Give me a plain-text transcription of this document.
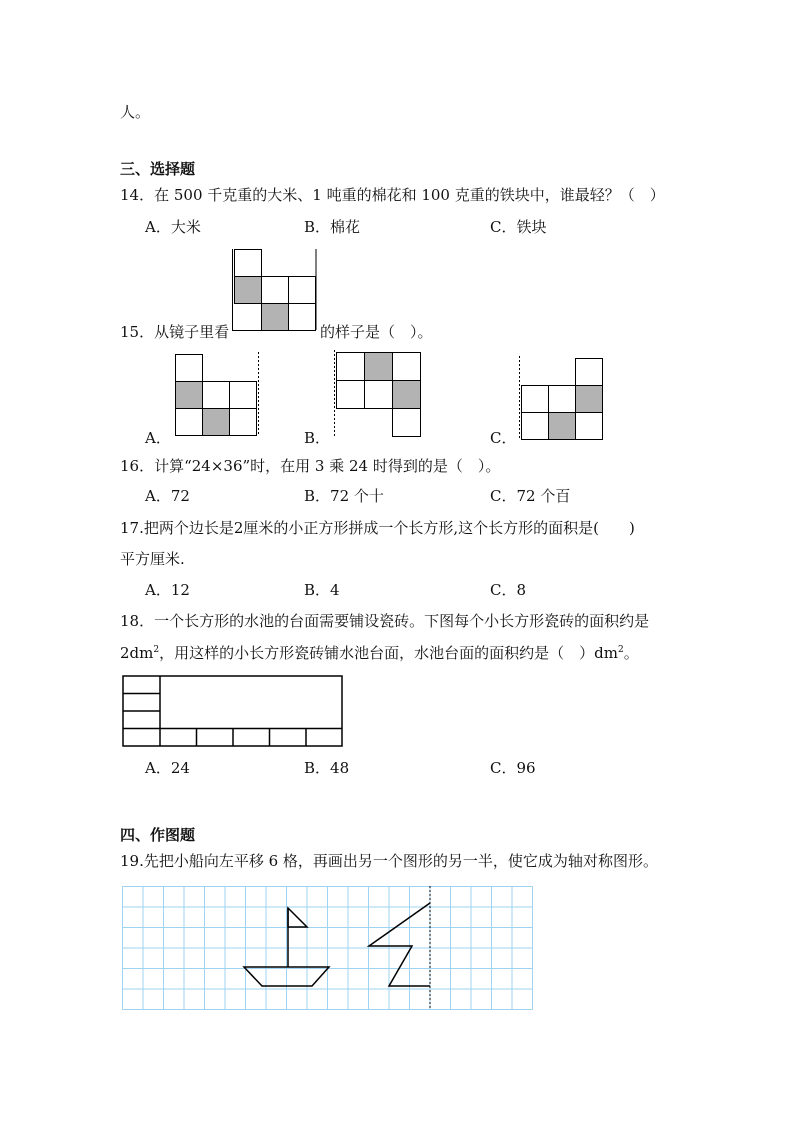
人。
三、选择题
14．在 500 千克重的大米、1 吨重的棉花和 100 克重的铁块中，谁最轻？（　）
A．大米	B．棉花	C．铁块
15．从镜子里看	的样子是（　）。
A．	B．	C．
16．计算“24×36”时，在用 3 乘 24 时得到的是（　）。
A．72	B．72 个十	C．72 个百
17.把两个边长是2厘米的小正方形拼成一个长方形,这个长方形的面积是(　　)
平方厘米.
A．12	B．4	C．8
18．一个长方形的水池的台面需要铺设瓷砖。下图每个小长方形瓷砖的面积约是
$2dm^2$，用这样的小长方形瓷砖铺水池台面，水池台面的面积约是（　）$dm^2$。
A．24	B．48	C．96
四、作图题
19.先把小船向左平移 6 格，再画出另一个图形的另一半，使它成为轴对称图形。
